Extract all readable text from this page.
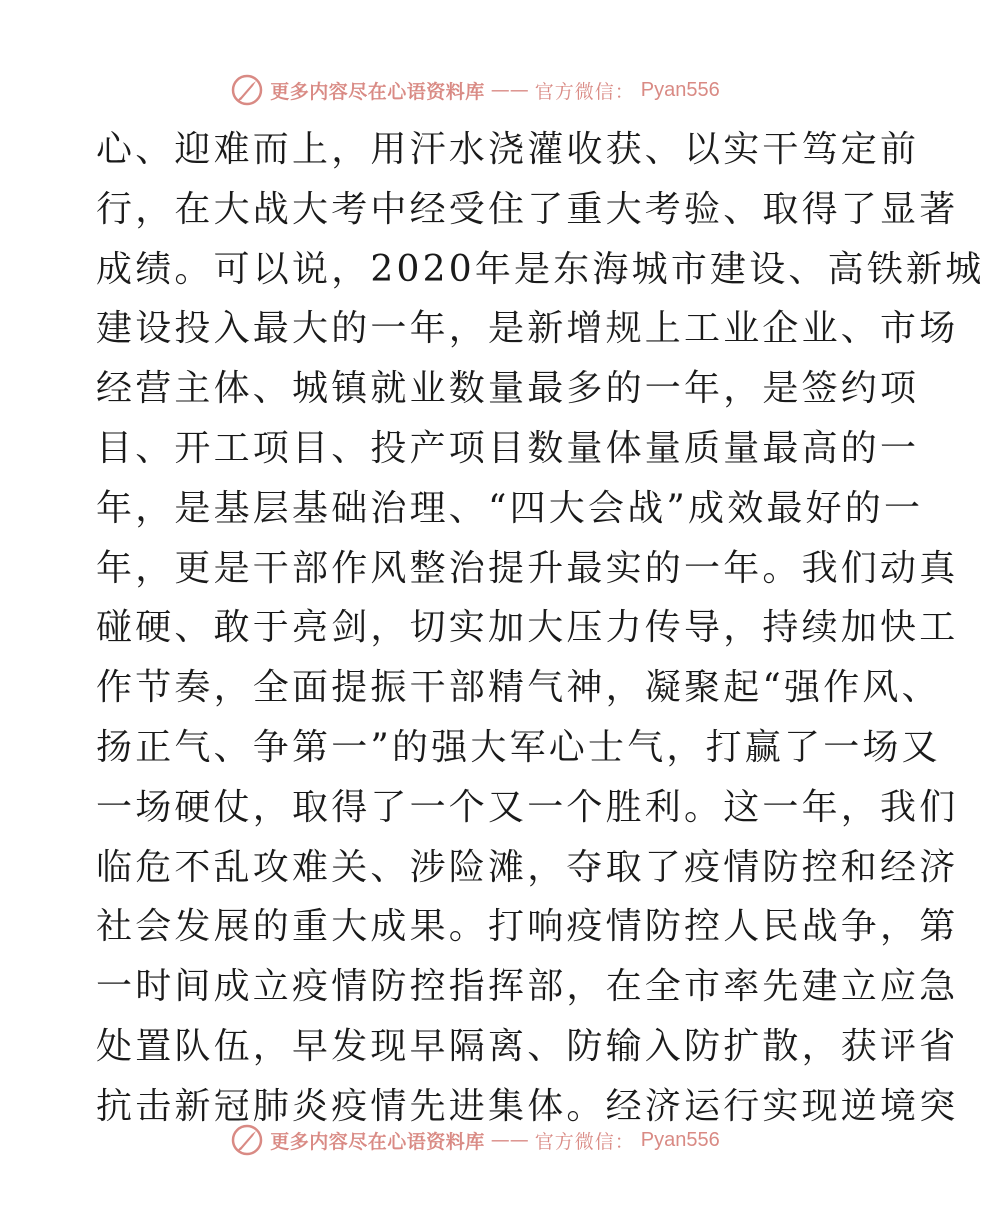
更多内容尽在心语资料库 —— 官方微信： Pyan556
心、迎难而上，用汗水浇灌收获、以实干笃定前
行，在大战大考中经受住了重大考验、取得了显著
成绩。可以说，2020年是东海城市建设、高铁新城
建设投入最大的一年，是新增规上工业企业、市场
经营主体、城镇就业数量最多的一年，是签约项
目、开工项目、投产项目数量体量质量最高的一
年，是基层基础治理、“四大会战”成效最好的一
年，更是干部作风整治提升最实的一年。我们动真
碰硬、敢于亮剑，切实加大压力传导，持续加快工
作节奏，全面提振干部精气神，凝聚起“强作风、
扬正气、争第一”的强大军心士气，打赢了一场又
一场硬仗，取得了一个又一个胜利。这一年，我们
临危不乱攻难关、涉险滩，夺取了疫情防控和经济
社会发展的重大成果。打响疫情防控人民战争，第
一时间成立疫情防控指挥部，在全市率先建立应急
处置队伍，早发现早隔离、防输入防扩散，获评省
抗击新冠肺炎疫情先进集体。经济运行实现逆境突
更多内容尽在心语资料库 —— 官方微信： Pyan556
